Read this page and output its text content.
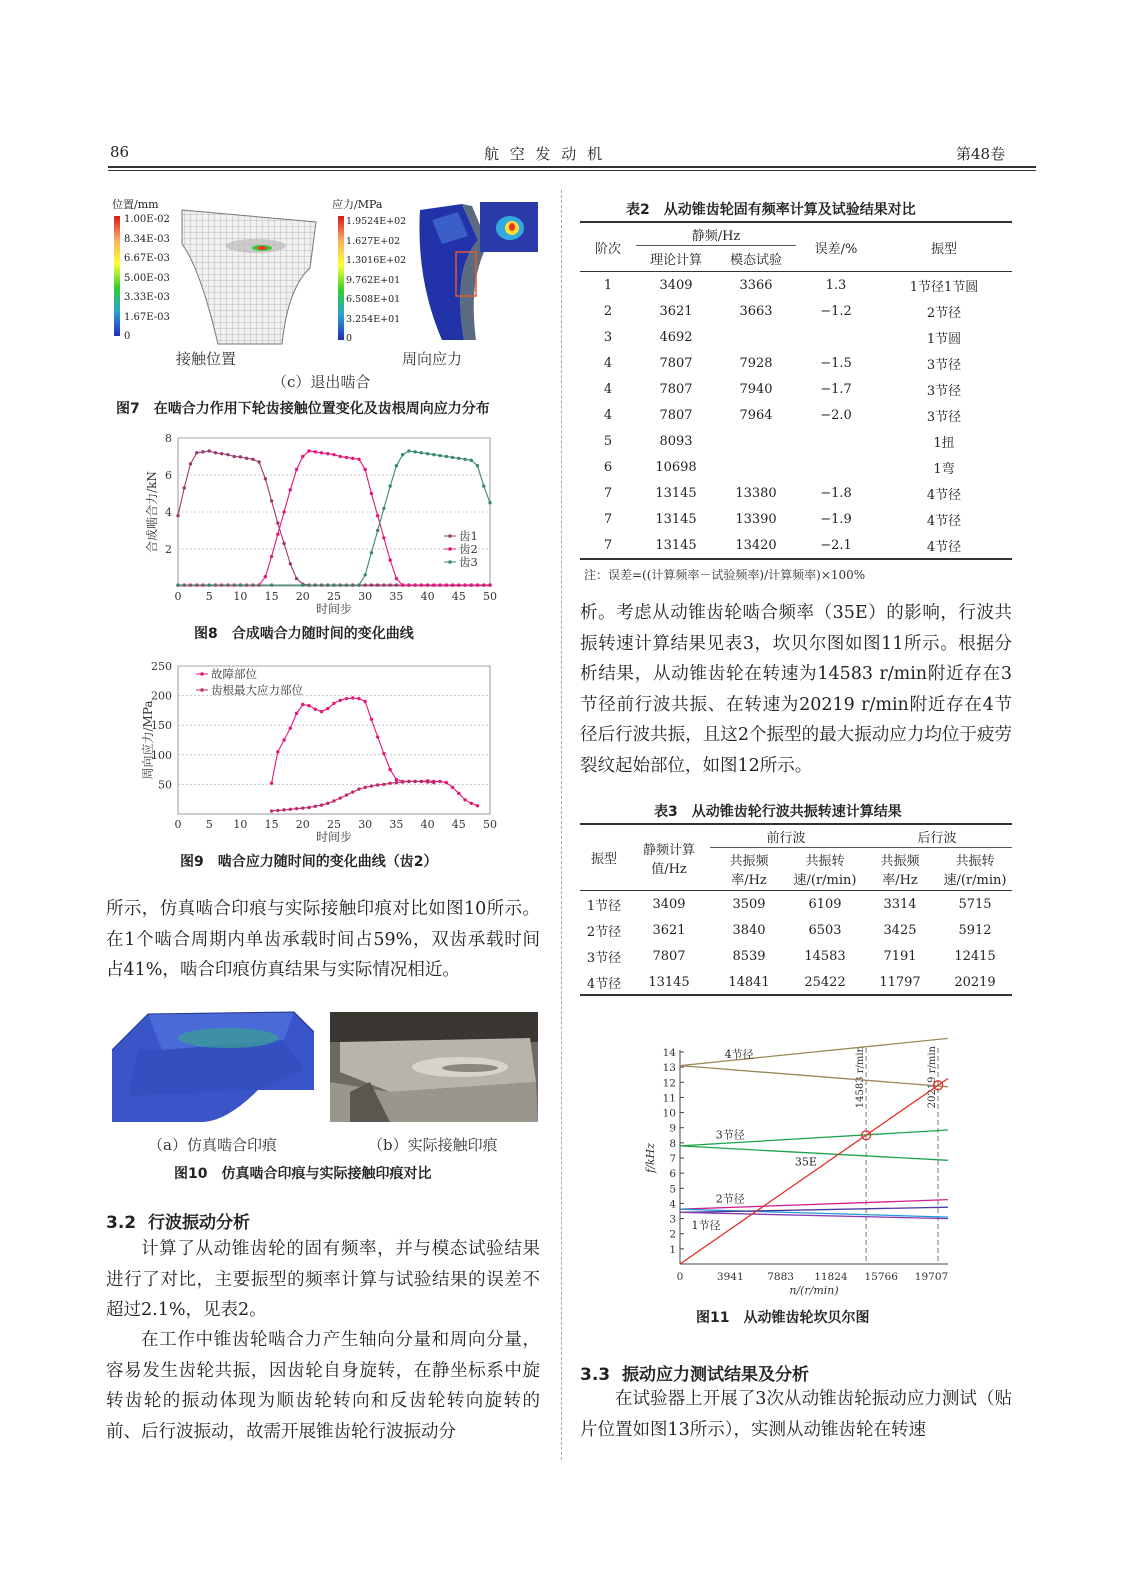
86	航 空 发 动 机	第48卷
位置/mm
1.00E-02
8.34E-03
6.67E-03
5.00E-03
3.33E-03
1.67E-03
0
应力/MPa
1.9524E+02
1.627E+02
1.3016E+02
9.762E+01
6.508E+01
3.254E+01
0
接触位置	周向应力
（c）退出啮合
图7　在啮合力作用下轮齿接触位置变化及齿根周向应力分布
2
4
6
8
0 5 10 15 20 25 30 35 40 45 50
时间步
合成啮合力/kN	齿1
齿2
齿3
图8　合成啮合力随时间的变化曲线
50
100
150
200
250
0 5 10 15 20 25 30 35 40 45 50
时间步
周向应力/MPa
故障部位
齿根最大应力部位
图9　啮合应力随时间的变化曲线（齿2）

所示，仿真啮合印痕与实际接触印痕对比如图10所示。在1个啮合周期内单齿承载时间占59%，双齿承载时间占41%，啮合印痕仿真结果与实际情况相近。

（a）仿真啮合印痕	（b）实际接触印痕
图10　仿真啮合印痕与实际接触印痕对比
3.2 行波振动分析

计算了从动锥齿轮的固有频率，并与模态试验结果进行了对比，主要振型的频率计算与试验结果的误差不超过2.1%，见表2。

在工作中锥齿轮啮合力产生轴向分量和周向分量，容易发生齿轮共振，因齿轮自身旋转，在静坐标系中旋转齿轮的振动体现为顺齿轮转向和反齿轮转向旋转的前、后行波振动，故需开展锥齿轮行波振动分

表2　从动锥齿轮固有频率计算及试验结果对比
阶次	静频/Hz		误差/%	振型
	理论计算	模态试验		
1	3409	3366	1.3	1节径1节圆
2	3621	3663	−1.2	2节径
3	4692			1节圆
4	7807	7928	−1.5	3节径
4	7807	7940	−1.7	3节径
4	7807	7964	−2.0	3节径
5	8093			1扭
6	10698			1弯
7	13145	13380	−1.8	4节径
7	13145	13390	−1.9	4节径
7	13145	13420	−2.1	4节径
注：误差=((计算频率－试验频率)/计算频率)×100%

析。考虑从动锥齿轮啮合频率（35E）的影响，行波共振转速计算结果见表3，坎贝尔图如图11所示。根据分析结果，从动锥齿轮在转速为14583 r/min附近存在3节径前行波共振、在转速为20219 r/min附近存在4节径后行波共振，且这2个振型的最大振动应力均位于疲劳裂纹起始部位，如图12所示。

表3　从动锥齿轮行波共振转速计算结果
振型	静频计算值/Hz	前行波		后行波	
		共振频率/Hz	共振转速/(r/min)	共振频率/Hz	共振转速/(r/min)
1节径	3409	3509	6109	3314	5715
2节径	3621	3840	6503	3425	5912
3节径	7807	8539	14583	7191	12415
4节径	13145	14841	25422	11797	20219
1
2
3
4
5
6
7
8
9
10
11
12
13
14
0	3941 7883 11824 15766 19707
n/(r/min)
f/kHz
14583 r/min	20219 r/min
4节径
3节径
2节径
1节径
35E
图11　从动锥齿轮坎贝尔图
3.3 振动应力测试结果及分析

在试验器上开展了3次从动锥齿轮振动应力测试（贴片位置如图13所示），实测从动锥齿轮在转速
